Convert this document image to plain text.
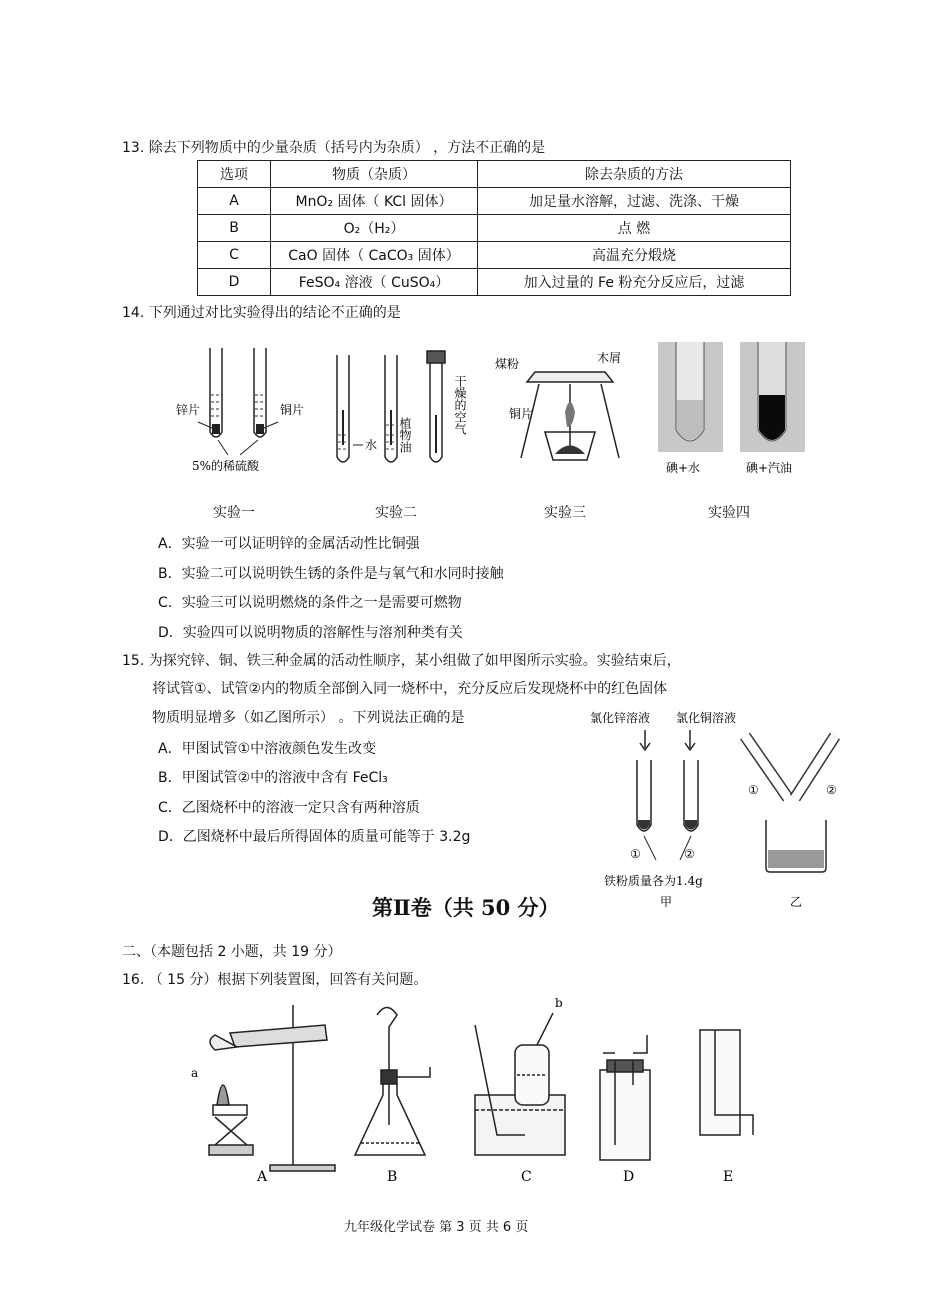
13. 除去下列物质中的少量杂质（括号内为杂质） ，方法不正确的是
选项	物质（杂质）	除去杂质的方法
A	MnO₂ 固体（ KCl 固体）	加足量水溶解，过滤、洗涤、干燥
B	O₂（H₂）	点 燃
C	CaO 固体（ CaCO₃ 固体）	高温充分煅烧
D	FeSO₄ 溶液（ CuSO₄）	加入过量的 Fe 粉充分反应后，过滤
14. 下列通过对比实验得出的结论不正确的是
锌片	铜片
5%的稀硫酸
水 植物油	干燥的空气
煤粉	木屑
铜片
碘+水	碘+汽油
实验一	实验二	实验三	实验四
A．实验一可以证明锌的金属活动性比铜强
B．实验二可以说明铁生锈的条件是与氧气和水同时接触
C．实验三可以说明燃烧的条件之一是需要可燃物
D．实验四可以说明物质的溶解性与溶剂种类有关
15. 为探究锌、铜、铁三种金属的活动性顺序，某小组做了如甲图所示实验。实验结束后，
将试管①、试管②内的物质全部倒入同一烧杯中，充分反应后发现烧杯中的红色固体
物质明显增多（如乙图所示） 。下列说法正确的是
A．甲图试管①中溶液颜色发生改变
B．甲图试管②中的溶液中含有 FeCl₃
C．乙图烧杯中的溶液一定只含有两种溶质
D．乙图烧杯中最后所得固体的质量可能等于 3.2g
氯化锌溶液 氯化铜溶液
①	②
①	②
铁粉质量各为1.4g
甲	乙
第Ⅱ卷（共 50 分）
二、（本题包括 2 小题，共 19 分）
16. （ 15 分）根据下列装置图，回答有关问题。
a
b
A	B	C	D	E
九年级化学试卷 第 3 页 共 6 页
